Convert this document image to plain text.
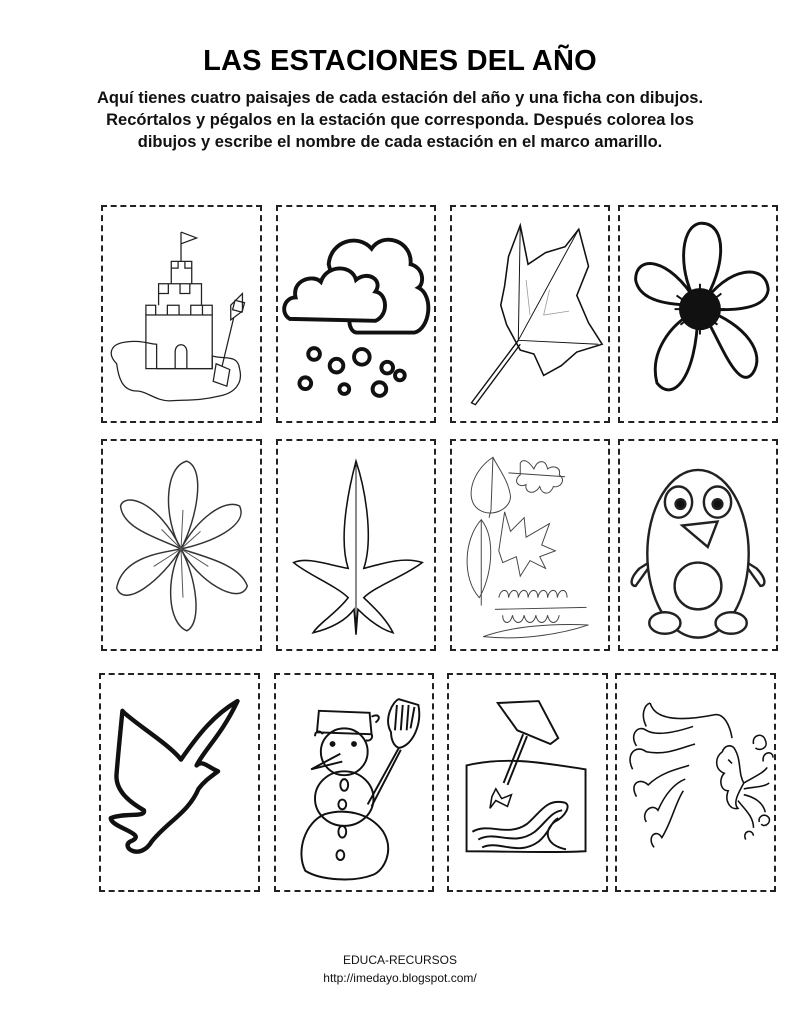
LAS ESTACIONES DEL AÑO
Aquí tienes cuatro paisajes de cada estación del año y una ficha con dibujos. Recórtalos y pégalos en la estación que corresponda. Después colorea los dibujos y escribe el nombre de cada estación en el marco amarillo.
EDUCA-RECURSOS
http://imedayo.blogspot.com/
